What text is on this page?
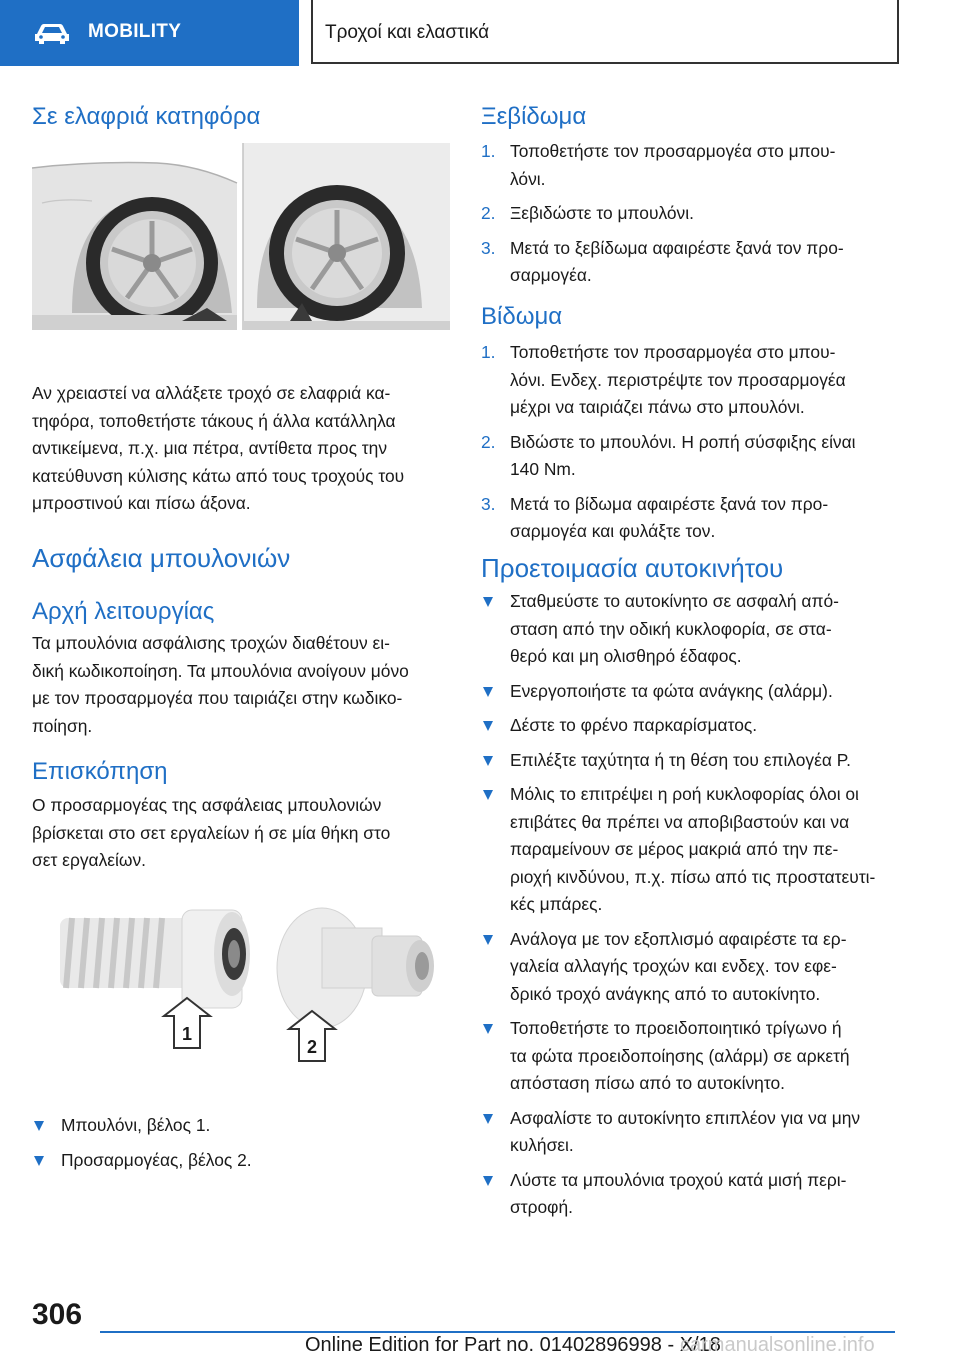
MOBILITY	Τροχοί και ελαστικά
Σε ελαφριά κατηφόρα
Αν χρειαστεί να αλλάξετε τροχό σε ελαφριά κα‐
τηφόρα, τοποθετήστε τάκους ή άλλα κατάλληλα
αντικείμενα, π.χ. μια πέτρα, αντίθετα προς την
κατεύθυνση κύλισης κάτω από τους τροχούς του
μπροστινού και πίσω άξονα.
Ασφάλεια μπουλονιών
Αρχή λειτουργίας
Τα μπουλόνια ασφάλισης τροχών διαθέτουν ει‐
δική κωδικοποίηση. Τα μπουλόνια ανοίγουν μόνο
με τον προσαρμογέα που ταιριάζει στην κωδικο‐
ποίηση.
Επισκόπηση
Ο προσαρμογέας της ασφάλειας μπουλονιών
βρίσκεται στο σετ εργαλείων ή σε μία θήκη στο
σετ εργαλείων.
1
2
Μπουλόνι, βέλος 1.
Προσαρμογέας, βέλος 2.
Ξεβίδωμα
1. Τοποθετήστε τον προσαρμογέα στο μπου‐
λόνι.
2. Ξεβιδώστε το μπουλόνι.
3. Μετά το ξεβίδωμα αφαιρέστε ξανά τον προ‐
σαρμογέα.
Βίδωμα
1. Τοποθετήστε τον προσαρμογέα στο μπου‐
λόνι. Ενδεχ. περιστρέψτε τον προσαρμογέα
μέχρι να ταιριάζει πάνω στο μπουλόνι.
2. Βιδώστε το μπουλόνι. Η ροπή σύσφιξης είναι
140 Nm.
3. Μετά το βίδωμα αφαιρέστε ξανά τον προ‐
σαρμογέα και φυλάξτε τον.
Προετοιμασία αυτοκινήτου
Σταθμεύστε το αυτοκίνητο σε ασφαλή από‐
σταση από την οδική κυκλοφορία, σε στα‐
θερό και μη ολισθηρό έδαφος.
Ενεργοποιήστε τα φώτα ανάγκης (αλάρμ).
Δέστε το φρένο παρκαρίσματος.
Επιλέξτε ταχύτητα ή τη θέση του επιλογέα P.
Μόλις το επιτρέψει η ροή κυκλοφορίας όλοι οι
επιβάτες θα πρέπει να αποβιβαστούν και να
παραμείνουν σε μέρος μακριά από την πε‐
ριοχή κινδύνου, π.χ. πίσω από τις προστατευτι‐
κές μπάρες.
Ανάλογα με τον εξοπλισμό αφαιρέστε τα ερ‐
γαλεία αλλαγής τροχών και ενδεχ. τον εφε‐
δρικό τροχό ανάγκης από το αυτοκίνητο.
Τοποθετήστε το προειδοποιητικό τρίγωνο ή
τα φώτα προειδοποίησης (αλάρμ) σε αρκετή
απόσταση πίσω από το αυτοκίνητο.
Ασφαλίστε το αυτοκίνητο επιπλέον για να μην
κυλήσει.
Λύστε τα μπουλόνια τροχού κατά μισή περι‐
στροφή.
306
Online Edition for Part no. 01402896998 - X/18
carmanualsonline.info
